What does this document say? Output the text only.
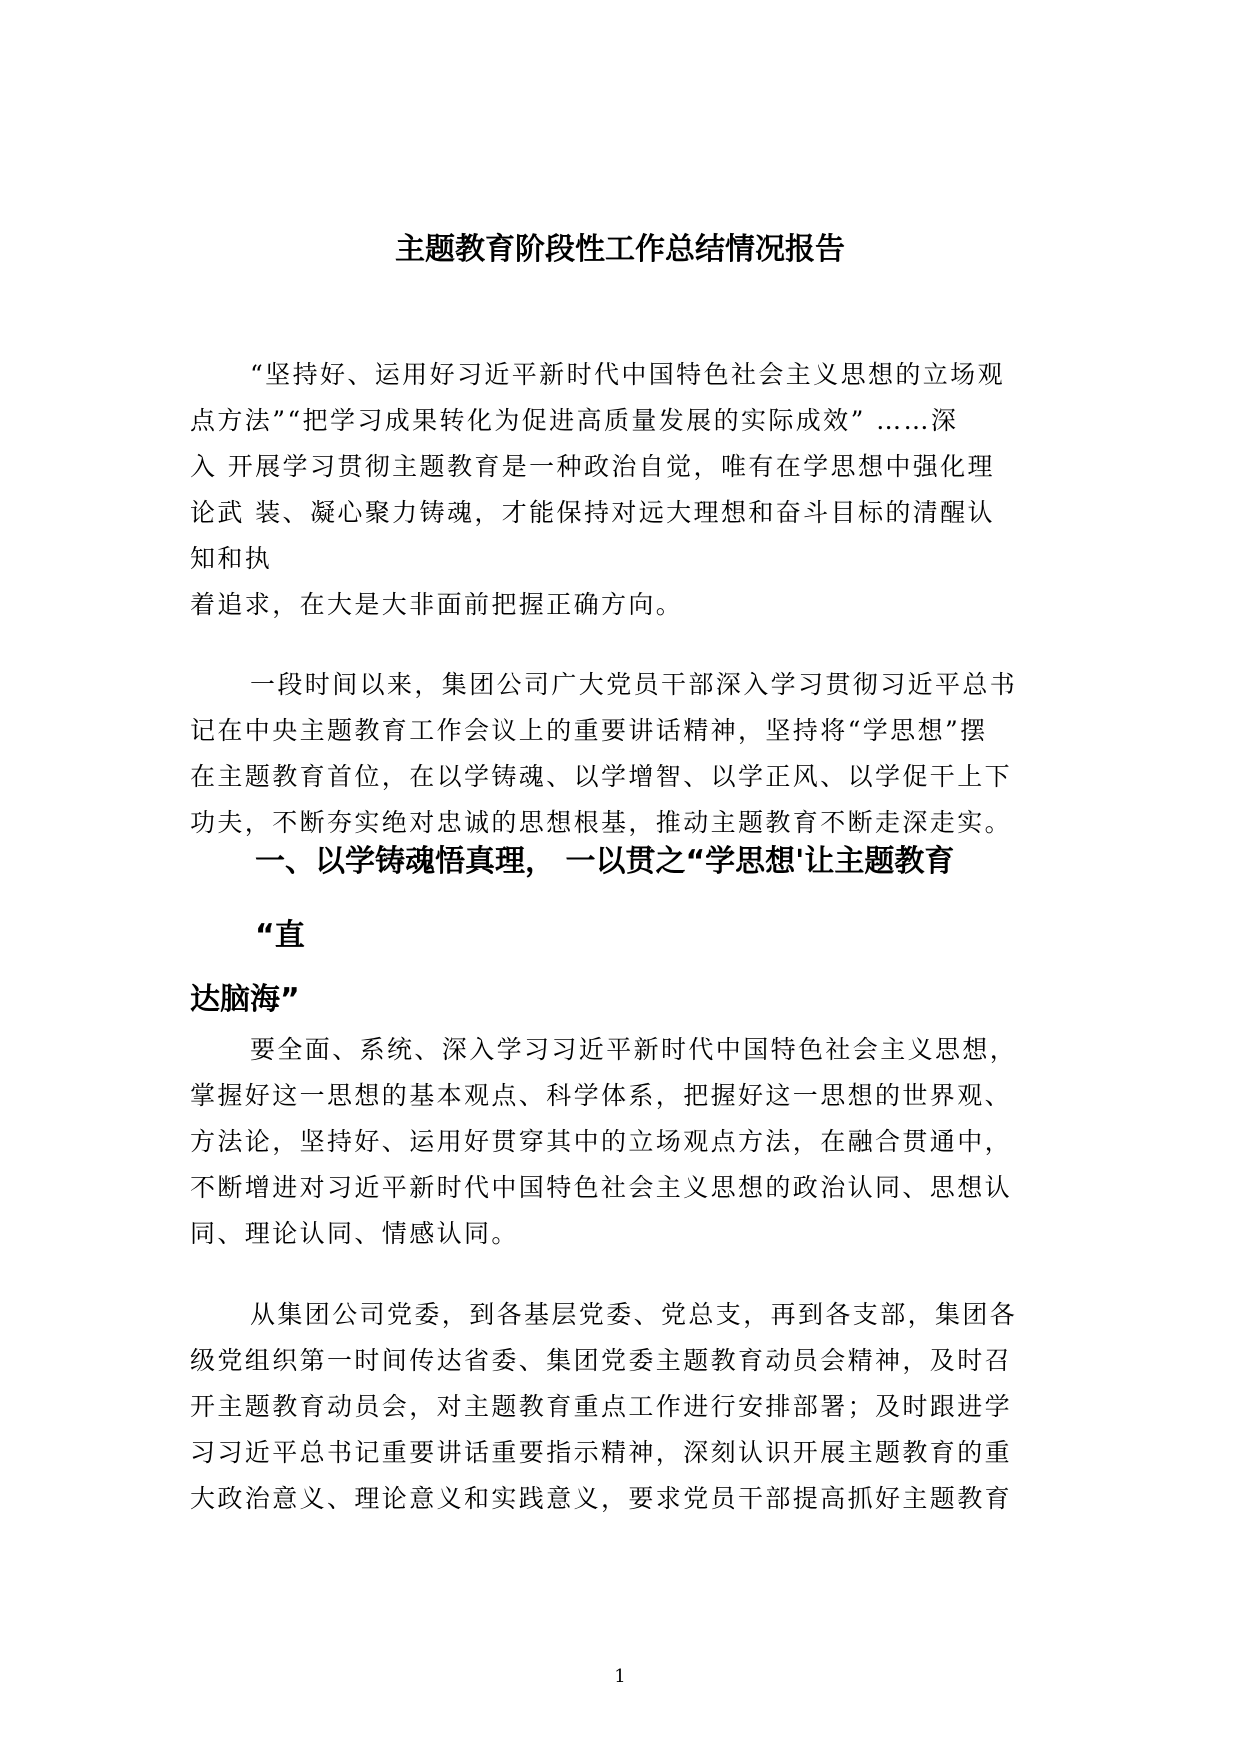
主题教育阶段性工作总结情况报告
“坚持好、运用好习近平新时代中国特色社会主义思想的立场观
点方法”“把学习成果转化为促进高质量发展的实际成效” ……深
入 开展学习贯彻主题教育是一种政治自觉，唯有在学思想中强化理
论武 装、凝心聚力铸魂，才能保持对远大理想和奋斗目标的清醒认
知和执
着追求，在大是大非面前把握正确方向。
一段时间以来，集团公司广大党员干部深入学习贯彻习近平总书
记在中央主题教育工作会议上的重要讲话精神，坚持将“学思想”摆
在主题教育首位，在以学铸魂、以学增智、以学正风、以学促干上下
功夫，不断夯实绝对忠诚的思想根基，推动主题教育不断走深走实。
一、以学铸魂悟真理， 一以贯之“学思想'让主题教育
“直
达脑海”
要全面、系统、深入学习习近平新时代中国特色社会主义思想，
掌握好这一思想的基本观点、科学体系，把握好这一思想的世界观、
方法论，坚持好、运用好贯穿其中的立场观点方法，在融合贯通中，
不断增进对习近平新时代中国特色社会主义思想的政治认同、思想认
同、理论认同、情感认同。
从集团公司党委，到各基层党委、党总支，再到各支部，集团各
级党组织第一时间传达省委、集团党委主题教育动员会精神，及时召
开主题教育动员会，对主题教育重点工作进行安排部署；及时跟进学
习习近平总书记重要讲话重要指示精神，深刻认识开展主题教育的重
大政治意义、理论意义和实践意义，要求党员干部提高抓好主题教育
1
